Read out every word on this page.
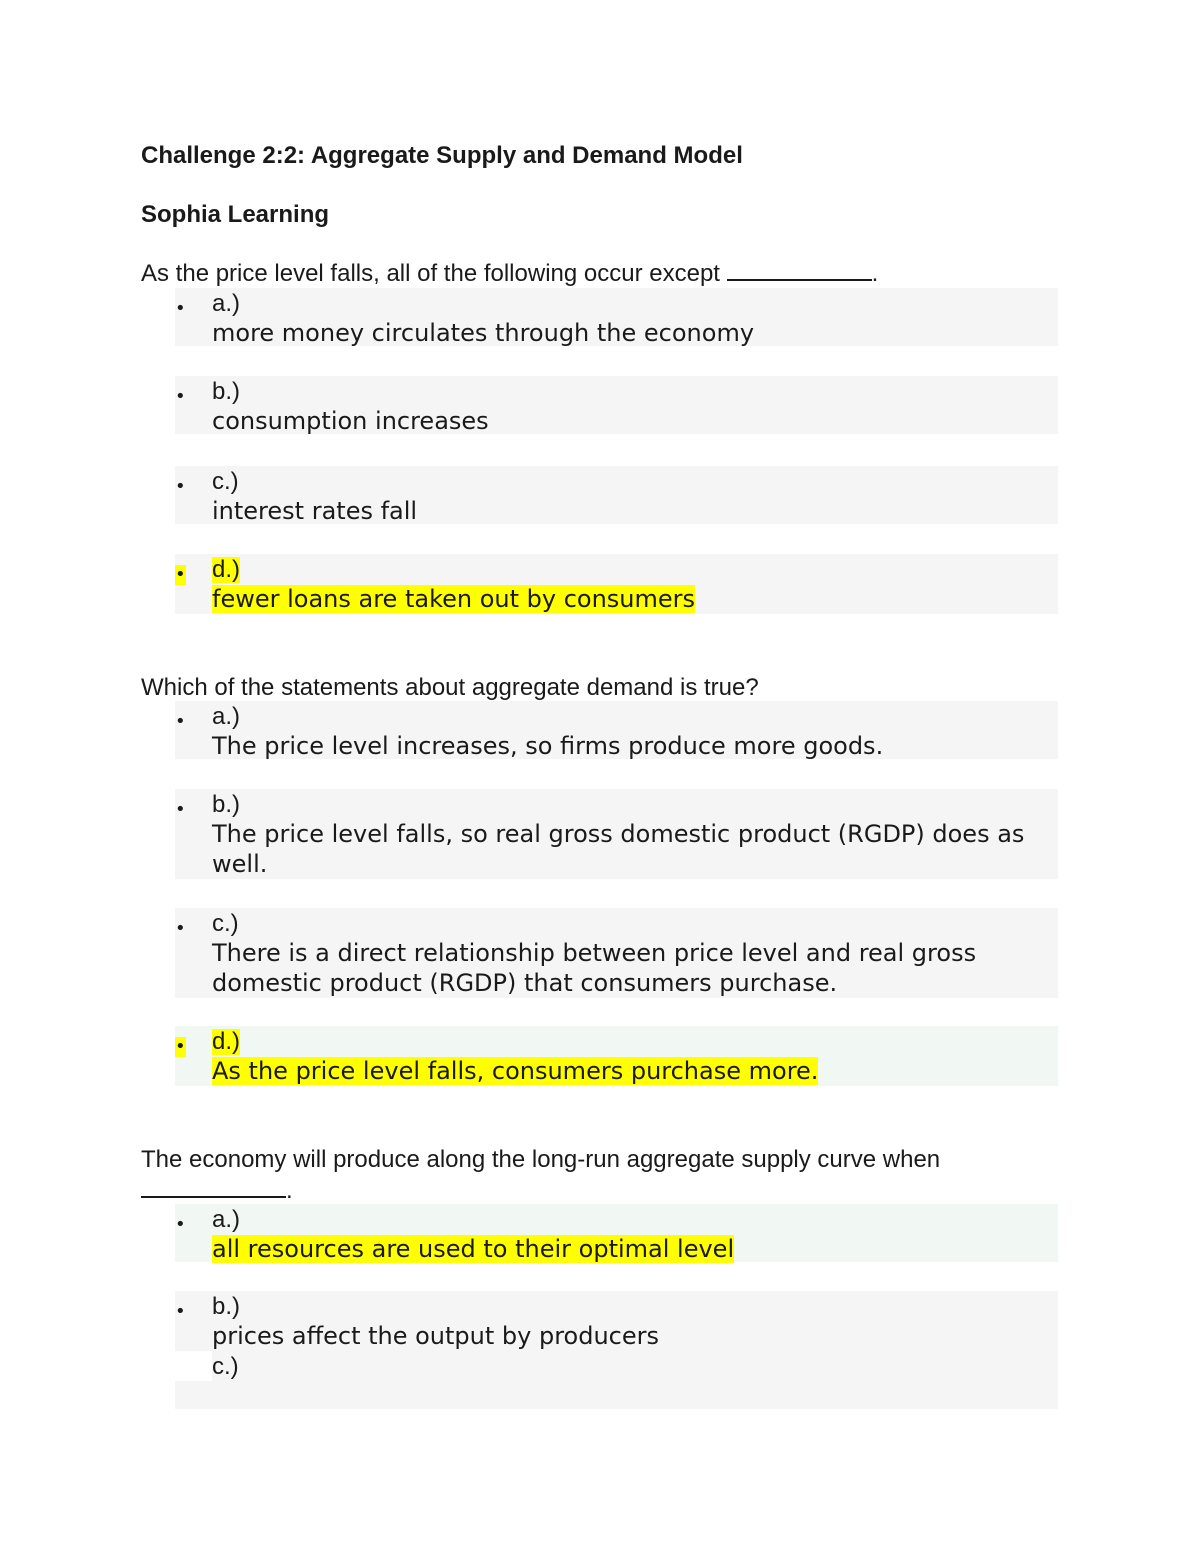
Challenge 2:2: Aggregate Supply and Demand Model
Sophia Learning

As the price level falls, all of the following occur except	.

• a.)
more money circulates through the economy
• b.)
consumption increases
• c.)
interest rates fall
• d.)
fewer loans are taken out by consumers

Which of the statements about aggregate demand is true?

• a.)
The price level increases, so firms produce more goods.
• b.)
The price level falls, so real gross domestic product (RGDP) does as well.
• c.)
There is a direct relationship between price level and real gross domestic product (RGDP) that consumers purchase.
• d.)
As the price level falls, consumers purchase more.

The economy will produce along the long-run aggregate supply curve when
.

• a.)
all resources are used to their optimal level
• b.)
prices affect the output by producers
c.)
